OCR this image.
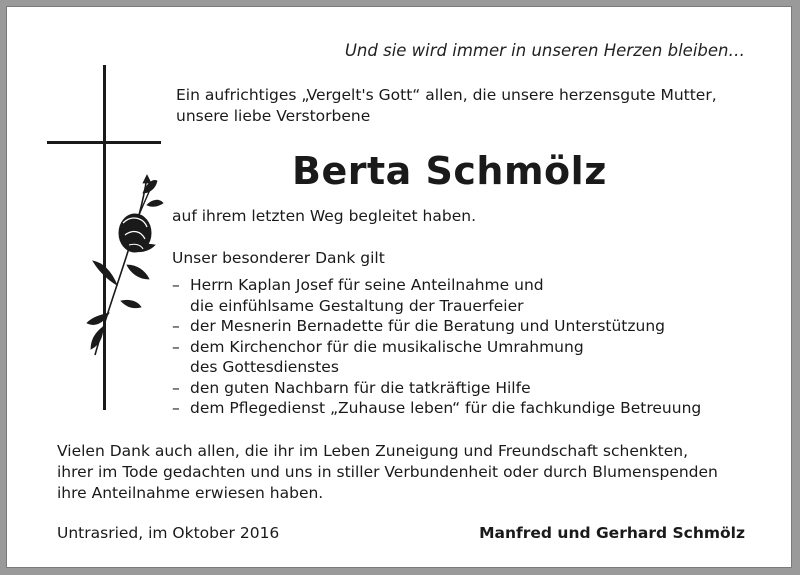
Und sie wird immer in unseren Herzen bleiben…
Ein aufrichtiges „Vergelt's Gott“ allen, die unsere herzensgute Mutter,
unsere liebe Verstorbene
Berta Schmölz
auf ihrem letzten Weg begleitet haben.
Unser besonderer Dank gilt
– Herrn Kaplan Josef für seine Anteilnahme und
die einfühlsame Gestaltung der Trauerfeier
– der Mesnerin Bernadette für die Beratung und Unterstützung
– dem Kirchenchor für die musikalische Umrahmung
des Gottesdienstes
– den guten Nachbarn für die tatkräftige Hilfe
– dem Pflegedienst „Zuhause leben“ für die fachkundige Betreuung
Vielen Dank auch allen, die ihr im Leben Zuneigung und Freundschaft schenkten,
ihrer im Tode gedachten und uns in stiller Verbundenheit oder durch Blumenspenden
ihre Anteilnahme erwiesen haben.
Untrasried, im Oktober 2016	Manfred und Gerhard Schmölz
